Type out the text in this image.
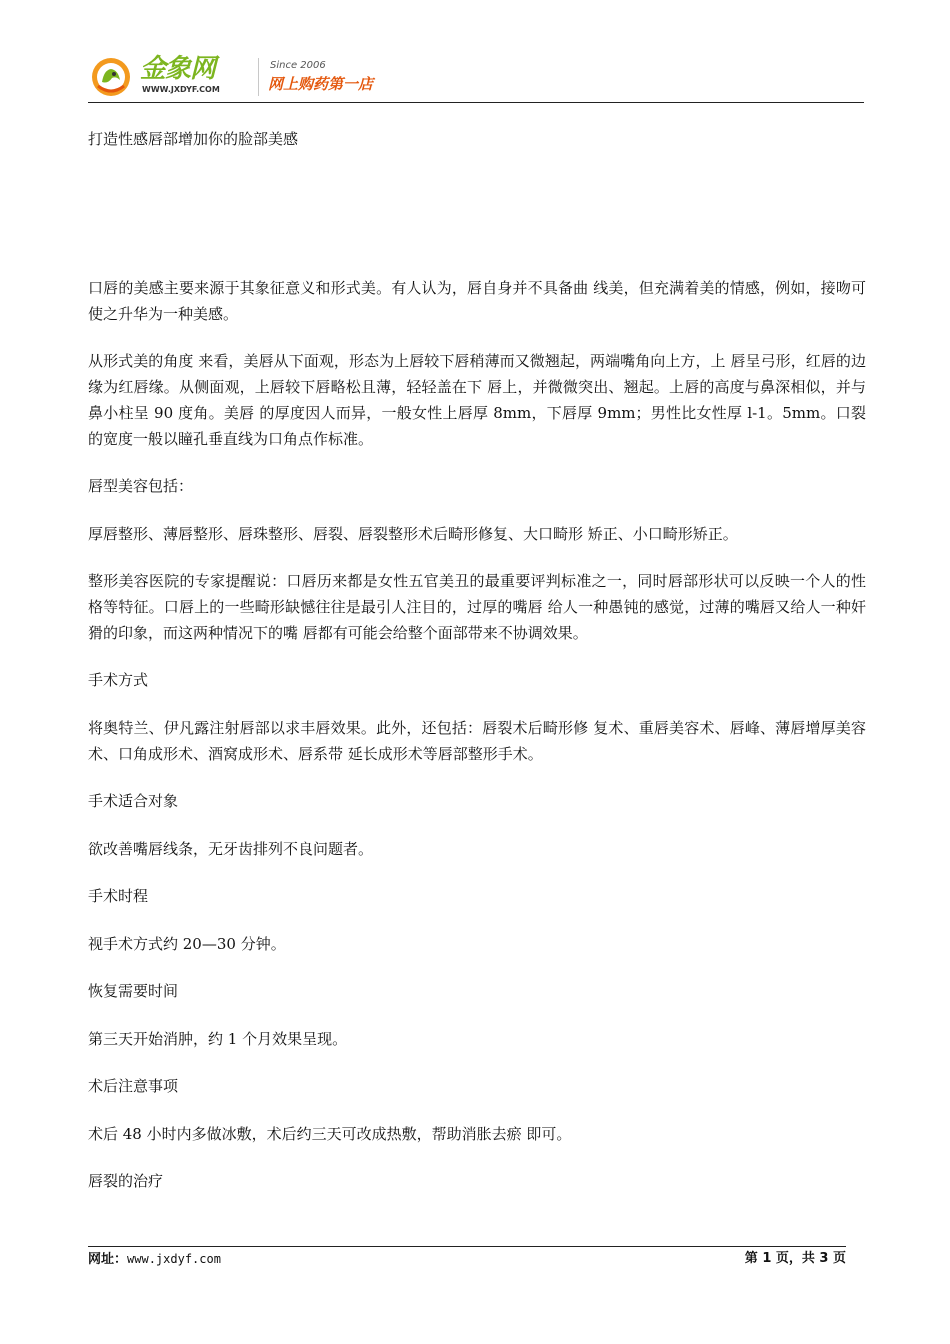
金象网
WWW.JXDYF.COM
Since 2006
网上购药第一店
打造性感唇部增加你的脸部美感

口唇的美感主要来源于其象征意义和形式美。有人认为，唇自身并不具备曲 线美，但充满着美的情感，例如，接吻可使之升华为一种美感。

从形式美的角度 来看，美唇从下面观，形态为上唇较下唇稍薄而又微翘起，两端嘴角向上方，上 唇呈弓形，红唇的边缘为红唇缘。从侧面观，上唇较下唇略松且薄，轻轻盖在下 唇上，并微微突出、翘起。上唇的高度与鼻深相似，并与鼻小柱呈 90 度角。美唇 的厚度因人而异，一般女性上唇厚 8mm，下唇厚 9mm；男性比女性厚 l-1。5mm。口裂 的宽度一般以瞳孔垂直线为口角点作标准。

唇型美容包括：

厚唇整形、薄唇整形、唇珠整形、唇裂、唇裂整形术后畸形修复、大口畸形 矫正、小口畸形矫正。

整形美容医院的专家提醒说：口唇历来都是女性五官美丑的最重要评判标准之一，同时唇部形状可以反映一个人的性格等特征。口唇上的一些畸形缺憾往往是最引人注目的，过厚的嘴唇 给人一种愚钝的感觉，过薄的嘴唇又给人一种奸猾的印象，而这两种情况下的嘴 唇都有可能会给整个面部带来不协调效果。

手术方式

将奥特兰、伊凡露注射唇部以求丰唇效果。此外，还包括：唇裂术后畸形修 复术、重唇美容术、唇峰、薄唇增厚美容术、口角成形术、酒窝成形术、唇系带 延长成形术等唇部整形手术。

手术适合对象

欲改善嘴唇线条，无牙齿排列不良问题者。

手术时程

视手术方式约 20—30 分钟。

恢复需要时间

第三天开始消肿，约 1 个月效果呈现。

术后注意事项

术后 48 小时内多做冰敷，术后约三天可改成热敷，帮助消胀去瘀 即可。

唇裂的治疗

网址：www.jxdyf.com	第 1 页，共 3 页
